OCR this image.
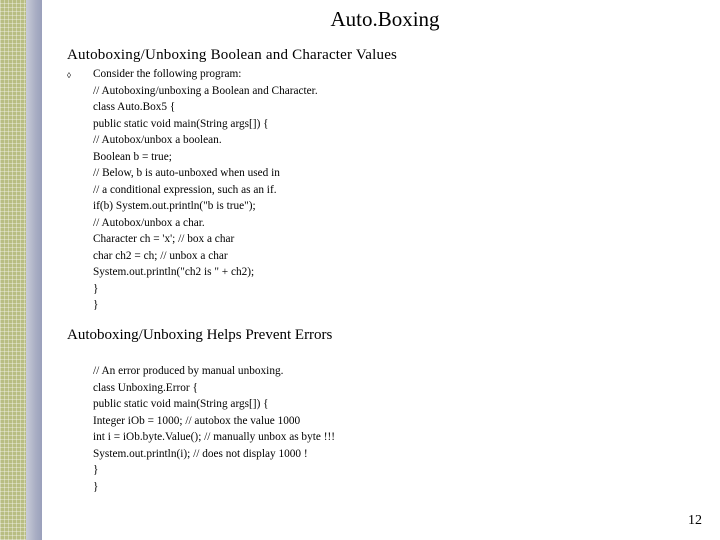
Auto.Boxing
Autoboxing/Unboxing Boolean and Character Values
◊ Consider the following program:
// Autoboxing/unboxing a Boolean and Character.
class Auto.Box5 {
public static void main(String args[]) {
// Autobox/unbox a boolean.
Boolean b = true;
// Below, b is auto-unboxed when used in
// a conditional expression, such as an if.
if(b) System.out.println("b is true");
// Autobox/unbox a char.
Character ch = 'x'; // box a char
char ch2 = ch; // unbox a char
System.out.println("ch2 is " + ch2);
}
}
Autoboxing/Unboxing Helps Prevent Errors
// An error produced by manual unboxing.
class Unboxing.Error {
public static void main(String args[]) {
Integer iOb = 1000; // autobox the value 1000
int i = iOb.byte.Value(); // manually unbox as byte !!!
System.out.println(i); // does not display 1000 !
}
}
12
